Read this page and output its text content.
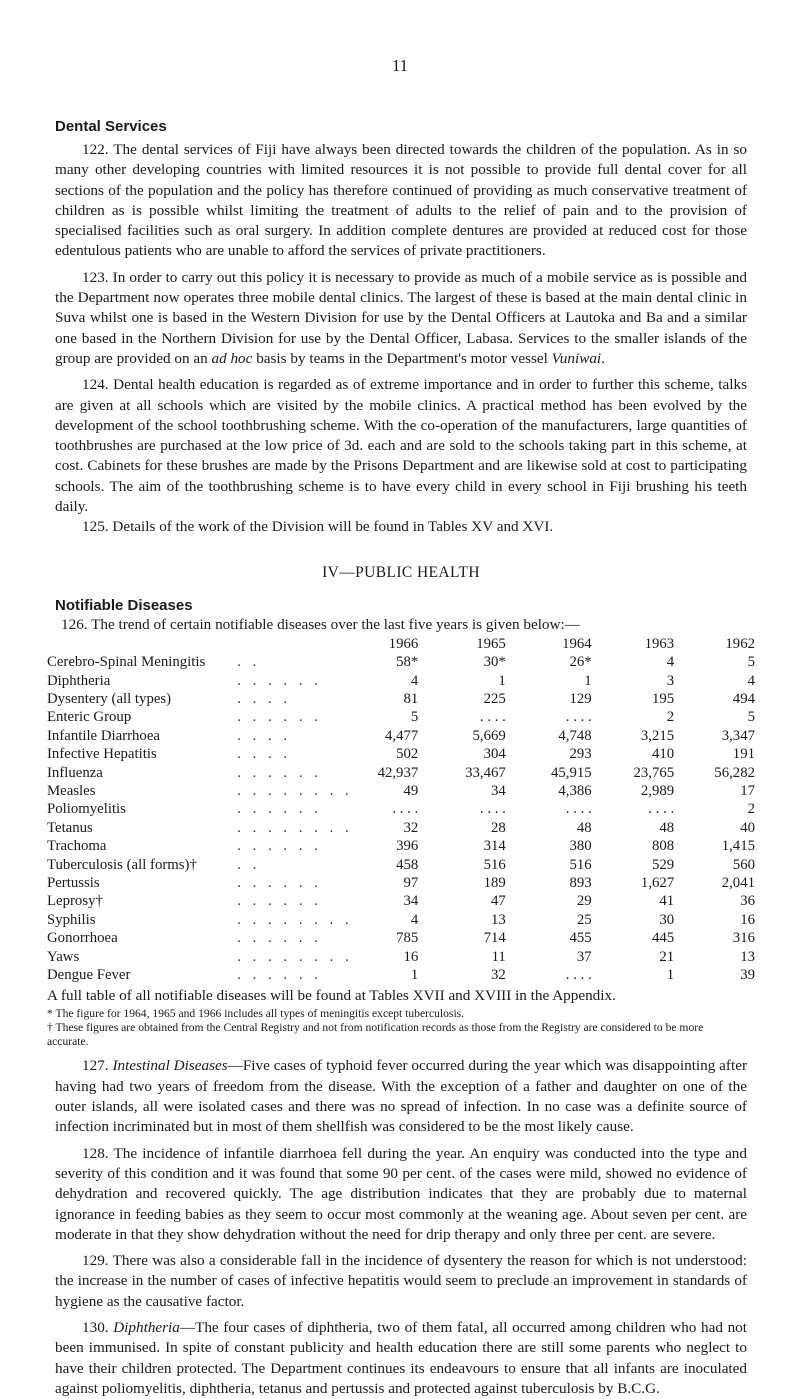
11
Dental Services

122. The dental services of Fiji have always been directed towards the children of the population. As in so many other developing countries with limited resources it is not possible to provide full dental cover for all sections of the population and the policy has therefore continued of providing as much conservative treatment of children as is possible whilst limiting the treatment of adults to the relief of pain and to the provision of specialised facilities such as oral surgery. In addition complete dentures are provided at reduced cost for those edentulous patients who are unable to afford the services of private practitioners.

123. In order to carry out this policy it is necessary to provide as much of a mobile service as is possible and the Department now operates three mobile dental clinics. The largest of these is based at the main dental clinic in Suva whilst one is based in the Western Division for use by the Dental Officers at Lautoka and Ba and a similar one based in the Northern Division for use by the Dental Officer, Labasa. Services to the smaller islands of the group are provided on an ad hoc basis by teams in the Department's motor vessel Vuniwai.

124. Dental health education is regarded as of extreme importance and in order to further this scheme, talks are given at all schools which are visited by the mobile clinics. A practical method has been evolved by the development of the school toothbrushing scheme. With the co-operation of the manufacturers, large quantities of toothbrushes are purchased at the low price of 3d. each and are sold to the schools taking part in this scheme, at cost. Cabinets for these brushes are made by the Prisons Department and are likewise sold at cost to participating schools. The aim of the toothbrushing scheme is to have every child in every school in Fiji brushing his teeth daily.

125. Details of the work of the Division will be found in Tables XV and XVI.

IV—PUBLIC HEALTH
Notifiable Diseases

126. The trend of certain notifiable diseases over the last five years is given below:—

		1966	1965	1964	1963	1962
Cerebro-Spinal Meningitis	. .	58*	30*	26*	4	5
Diphtheria	. . . . . .	4	1	1	3	4
Dysentery (all types)	. . . .	81	225	129	195	494
Enteric Group	. . . . . .	5	. . . .	. . . .	2	5
Infantile Diarrhoea	. . . .	4,477	5,669	4,748	3,215	3,347
Infective Hepatitis	. . . .	502	304	293	410	191
Influenza	. . . . . .	42,937	33,467	45,915	23,765	56,282
Measles	. . . . . . . .	49	34	4,386	2,989	17
Poliomyelitis	. . . . . .	. . . .	. . . .	. . . .	. . . .	2
Tetanus	. . . . . . . .	32	28	48	48	40
Trachoma	. . . . . .	396	314	380	808	1,415
Tuberculosis (all forms)†	. .	458	516	516	529	560
Pertussis	. . . . . .	97	189	893	1,627	2,041
Leprosy†	. . . . . .	34	47	29	41	36
Syphilis	. . . . . . . .	4	13	25	30	16
Gonorrhoea	. . . . . .	785	714	455	445	316
Yaws	. . . . . . . .	16	11	37	21	13
Dengue Fever	. . . . . .	1	32	. . . .	1	39
A full table of all notifiable diseases will be found at Tables XVII and XVIII in the Appendix.
* The figure for 1964, 1965 and 1966 includes all types of meningitis except tuberculosis.
† These figures are obtained from the Central Registry and not from notification records as those from the Registry are considered to be more accurate.

127. Intestinal Diseases—Five cases of typhoid fever occurred during the year which was disappointing after having had two years of freedom from the disease. With the exception of a father and daughter on one of the outer islands, all were isolated cases and there was no spread of infection. In no case was a definite source of infection incriminated but in most of them shellfish was considered to be the most likely cause.

128. The incidence of infantile diarrhoea fell during the year. An enquiry was conducted into the type and severity of this condition and it was found that some 90 per cent. of the cases were mild, showed no evidence of dehydration and recovered quickly. The age distribution indicates that they are probably due to maternal ignorance in feeding babies as they seem to occur most commonly at the weaning age. About seven per cent. are moderate in that they show dehydration without the need for drip therapy and only three per cent. are severe.

129. There was also a considerable fall in the incidence of dysentery the reason for which is not understood: the increase in the number of cases of infective hepatitis would seem to preclude an improvement in standards of hygiene as the causative factor.

130. Diphtheria—The four cases of diphtheria, two of them fatal, all occurred among children who had not been immunised. In spite of constant publicity and health education there are still some parents who neglect to have their children protected. The Department continues its endeavours to ensure that all infants are inoculated against poliomyelitis, diphtheria, tetanus and pertussis and protected against tuberculosis by B.C.G.
